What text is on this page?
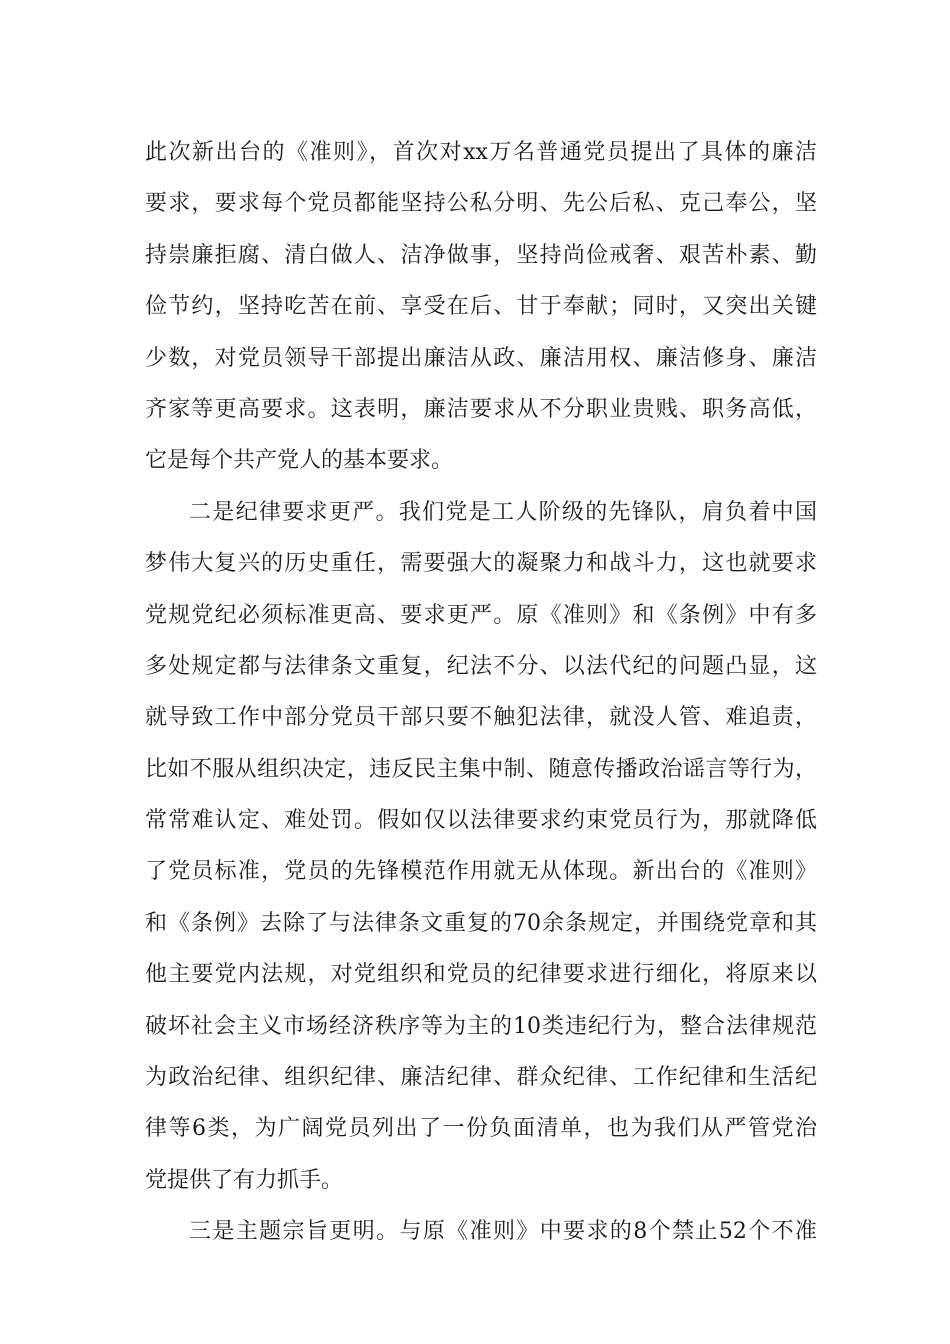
此次新出台的《准则》，首次对xx万名普通党员提出了具体的廉洁
要求，要求每个党员都能坚持公私分明、先公后私、克己奉公，坚
持崇廉拒腐、清白做人、洁净做事，坚持尚俭戒奢、艰苦朴素、勤
俭节约，坚持吃苦在前、享受在后、甘于奉献；同时，又突出关键
少数，对党员领导干部提出廉洁从政、廉洁用权、廉洁修身、廉洁
齐家等更高要求。这表明，廉洁要求从不分职业贵贱、职务高低，
它是每个共产党人的基本要求。
二是纪律要求更严。我们党是工人阶级的先锋队，肩负着中国
梦伟大复兴的历史重任，需要强大的凝聚力和战斗力，这也就要求
党规党纪必须标准更高、要求更严。原《准则》和《条例》中有多
多处规定都与法律条文重复，纪法不分、以法代纪的问题凸显，这
就导致工作中部分党员干部只要不触犯法律，就没人管、难追责，
比如不服从组织决定，违反民主集中制、随意传播政治谣言等行为，
常常难认定、难处罚。假如仅以法律要求约束党员行为，那就降低
了党员标准，党员的先锋模范作用就无从体现。新出台的《准则》
和《条例》去除了与法律条文重复的70余条规定，并围绕党章和其
他主要党内法规，对党组织和党员的纪律要求进行细化，将原来以
破坏社会主义市场经济秩序等为主的10类违纪行为，整合法律规范
为政治纪律、组织纪律、廉洁纪律、群众纪律、工作纪律和生活纪
律等6类，为广阔党员列出了一份负面清单，也为我们从严管党治
党提供了有力抓手。
三是主题宗旨更明。与原《准则》中要求的8个禁止52个不准
